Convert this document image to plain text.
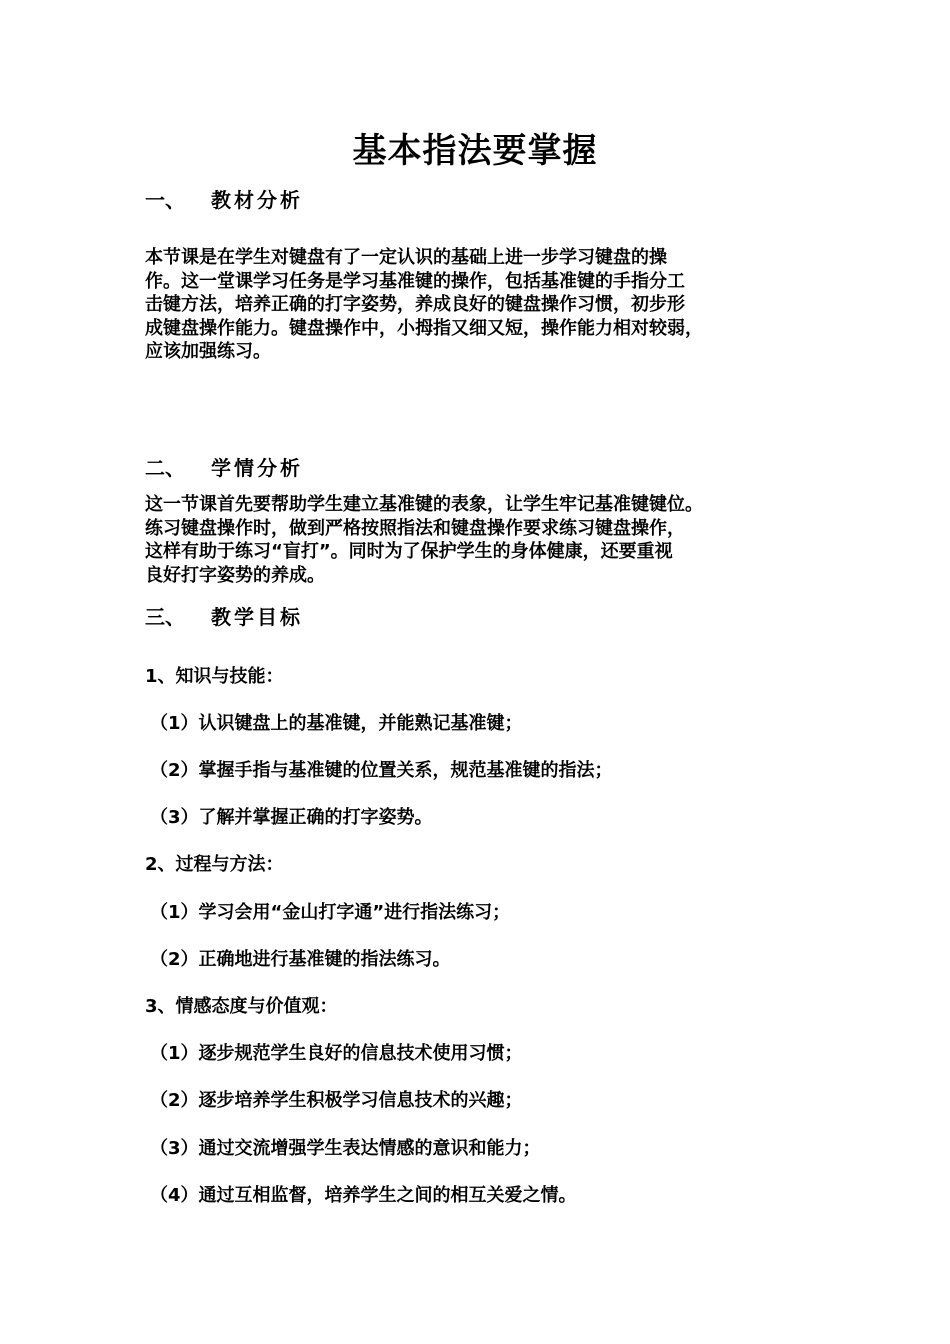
基本指法要掌握
一、 教材分析
本节课是在学生对键盘有了一定认识的基础上进一步学习键盘的操
作。这一堂课学习任务是学习基准键的操作，包括基准键的手指分工
击键方法，培养正确的打字姿势，养成良好的键盘操作习惯，初步形
成键盘操作能力。键盘操作中，小拇指又细又短，操作能力相对较弱，
应该加强练习。
二、 学情分析
这一节课首先要帮助学生建立基准键的表象，让学生牢记基准键键位。
练习键盘操作时，做到严格按照指法和键盘操作要求练习键盘操作，
这样有助于练习“盲打”。同时为了保护学生的身体健康，还要重视
良好打字姿势的养成。
三、 教学目标
1、知识与技能：
（1）认识键盘上的基准键，并能熟记基准键；
（2）掌握手指与基准键的位置关系，规范基准键的指法；
（3）了解并掌握正确的打字姿势。
2、过程与方法：
（1）学习会用“金山打字通”进行指法练习；
（2）正确地进行基准键的指法练习。
3、情感态度与价值观：
（1）逐步规范学生良好的信息技术使用习惯；
（2）逐步培养学生积极学习信息技术的兴趣；
（3）通过交流增强学生表达情感的意识和能力；
（4）通过互相监督，培养学生之间的相互关爱之情。
